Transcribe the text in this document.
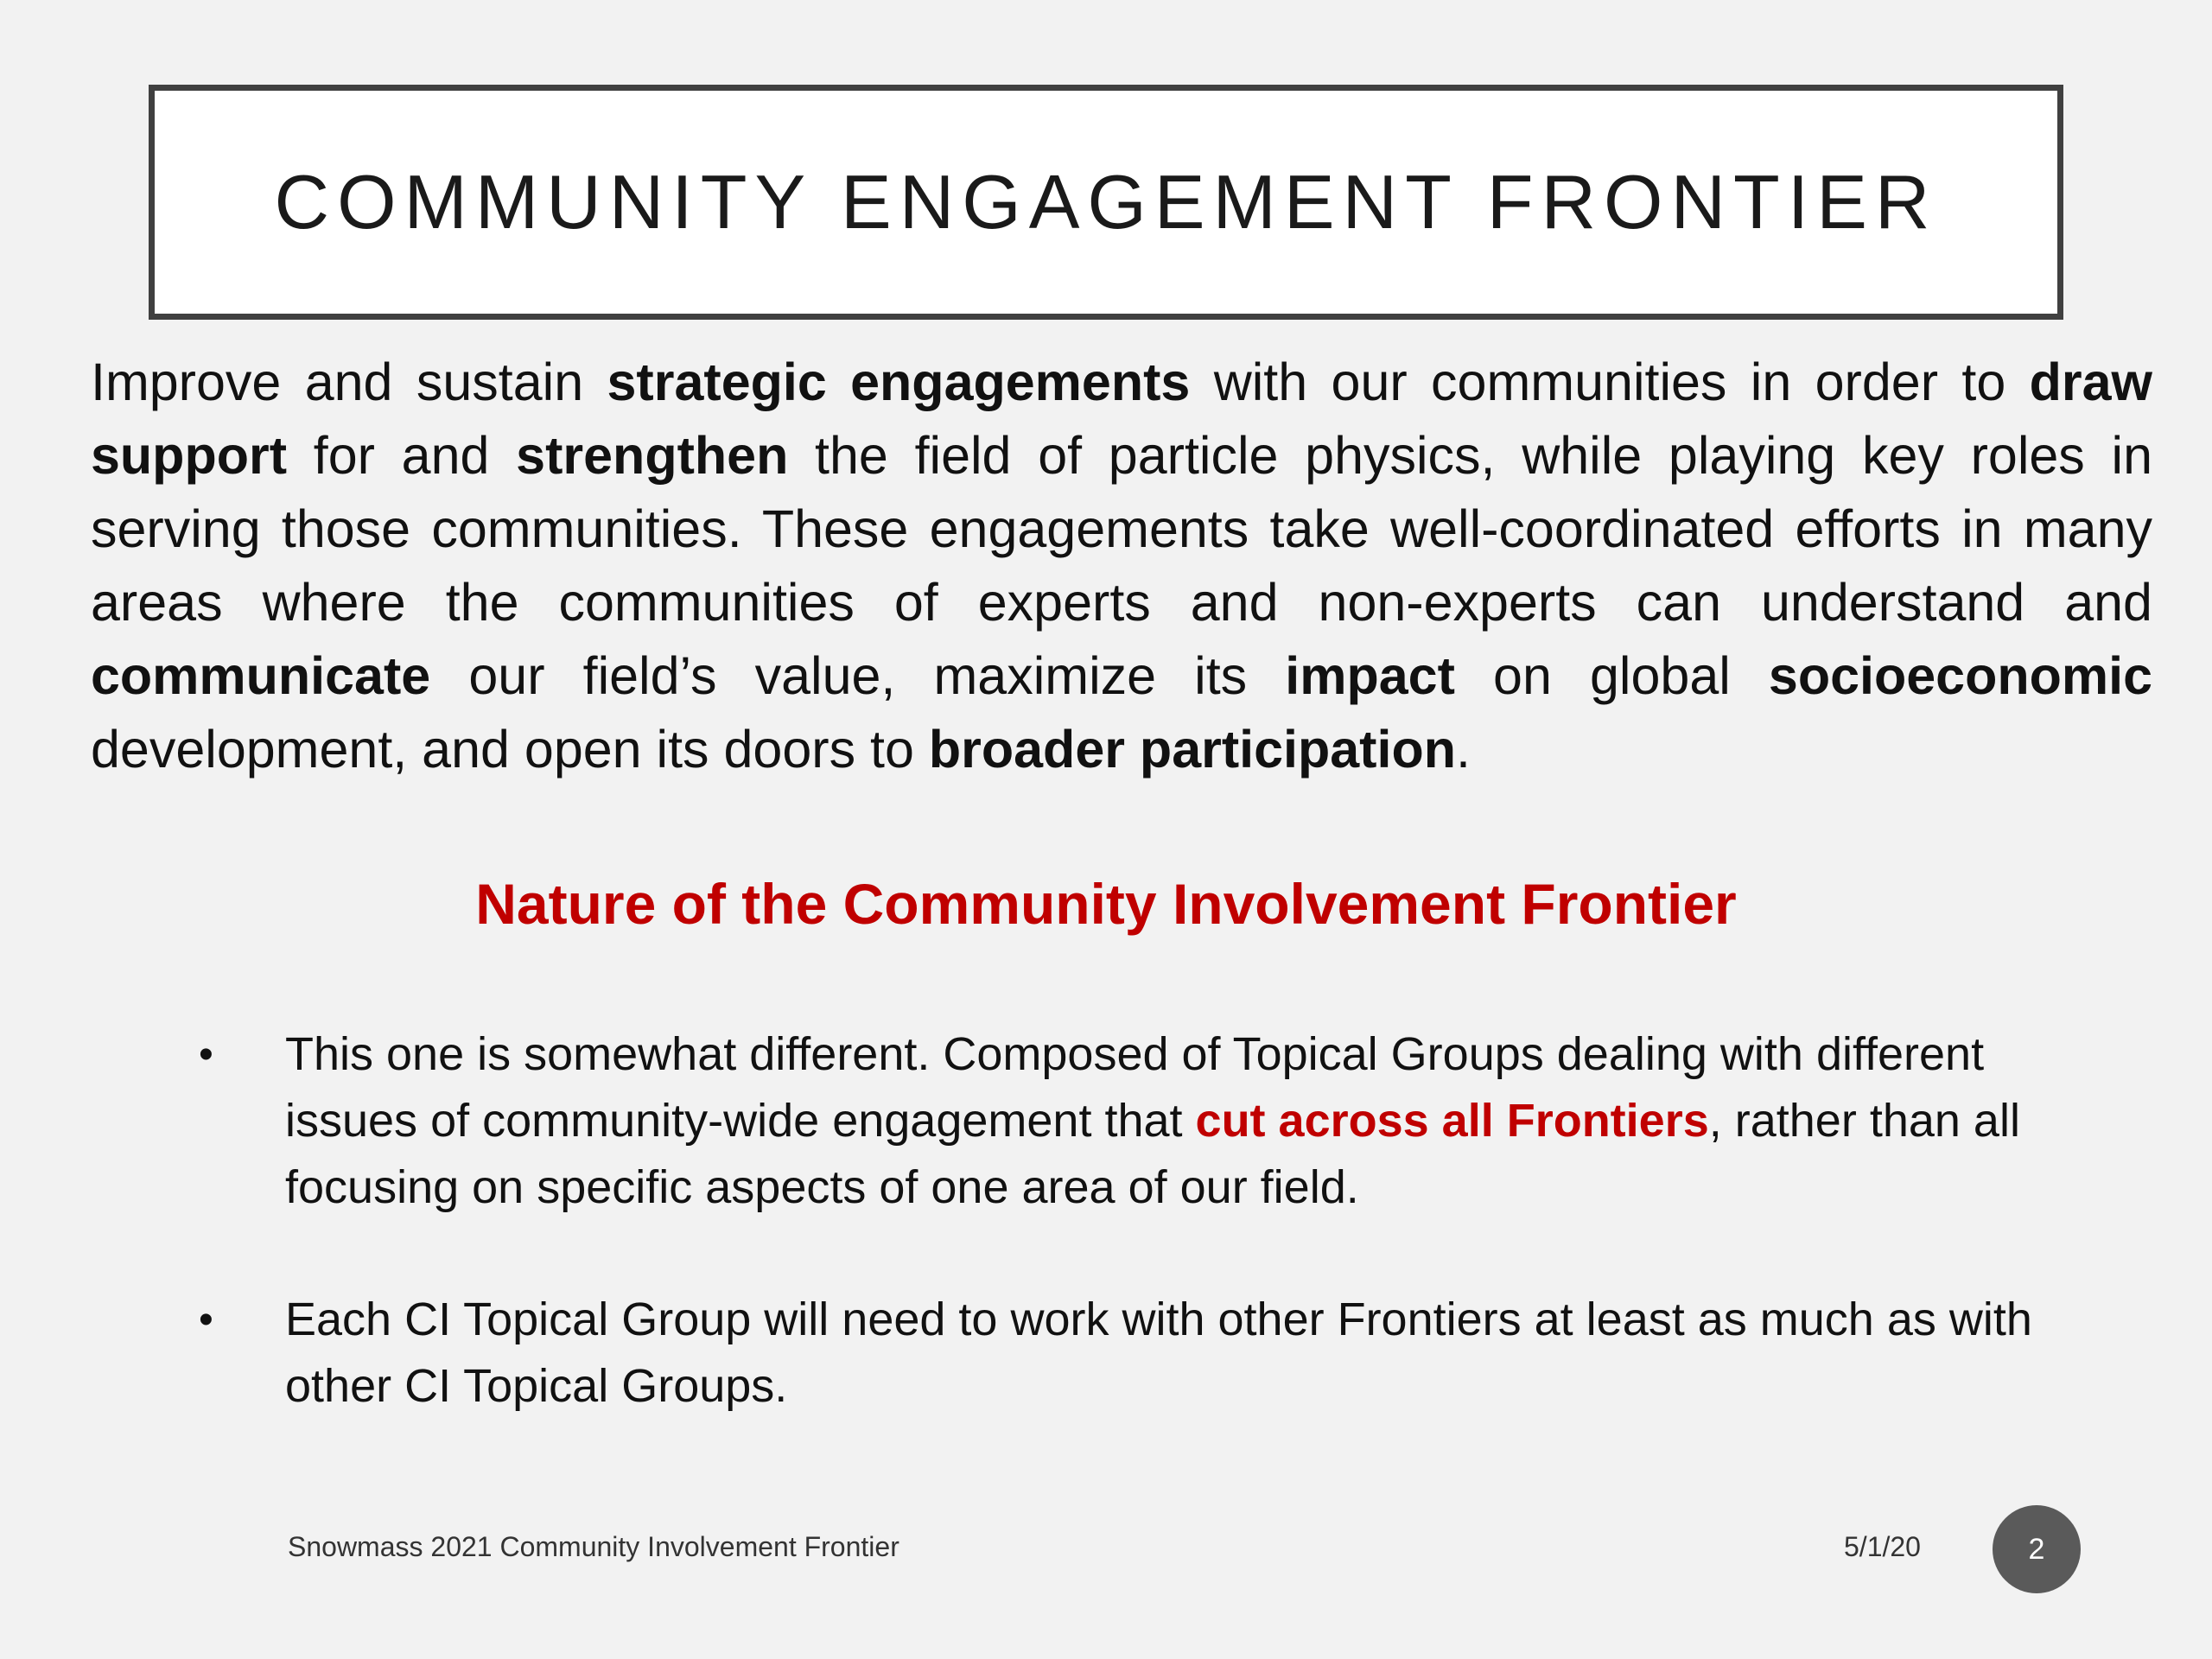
COMMUNITY ENGAGEMENT FRONTIER
Improve and sustain strategic engagements with our communities in order to draw support for and strengthen the field of particle physics, while playing key roles in serving those communities. These engagements take well-coordinated efforts in many areas where the communities of experts and non-experts can understand and communicate our field’s value, maximize its impact on global socioeconomic development, and open its doors to broader participation.
Nature of the Community Involvement Frontier
• This one is somewhat different. Composed of Topical Groups dealing with different issues of community-wide engagement that cut across all Frontiers, rather than all focusing on specific aspects of one area of our field.
• Each CI Topical Group will need to work with other Frontiers at least as much as with other CI Topical Groups.
Snowmass 2021 Community Involvement Frontier	5/1/20	2
